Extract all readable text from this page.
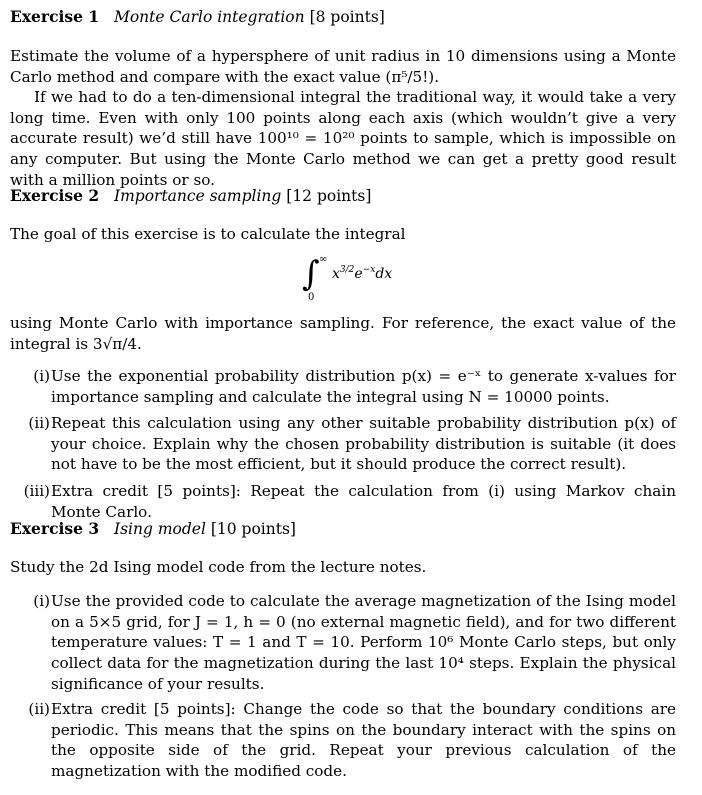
Exercise 1 Monte Carlo integration [8 points]
Estimate the volume of a hypersphere of unit radius in 10 dimensions using a Monte Carlo method and compare with the exact value (π⁵/5!).
If we had to do a ten-dimensional integral the traditional way, it would take a very long time. Even with only 100 points along each axis (which wouldn’t give a very accurate result) we’d still have 100¹⁰ = 10²⁰ points to sample, which is impossible on any computer. But using the Monte Carlo method we can get a pretty good result with a million points or so.
Exercise 2 Importance sampling [12 points]
The goal of this exercise is to calculate the integral
∫ ∞
0
$x^{3/2}e^{-x}dx$
using Monte Carlo with importance sampling. For reference, the exact value of the integral is 3√π/4.
(i) Use the exponential probability distribution p(x) = e⁻ˣ to generate x-values for importance sampling and calculate the integral using N = 10000 points.
(ii) Repeat this calculation using any other suitable probability distribution p(x) of your choice. Explain why the chosen probability distribution is suitable (it does not have to be the most efficient, but it should produce the correct result).
(iii) Extra credit [5 points]: Repeat the calculation from (i) using Markov chain Monte Carlo.
Exercise 3 Ising model [10 points]
Study the 2d Ising model code from the lecture notes.
(i) Use the provided code to calculate the average magnetization of the Ising model on a 5×5 grid, for J = 1, h = 0 (no external magnetic field), and for two different temperature values: T = 1 and T = 10. Perform 10⁶ Monte Carlo steps, but only collect data for the magnetization during the last 10⁴ steps. Explain the physical significance of your results.
(ii) Extra credit [5 points]: Change the code so that the boundary conditions are periodic. This means that the spins on the boundary interact with the spins on the opposite side of the grid. Repeat your previous calculation of the magnetization with the modified code.
